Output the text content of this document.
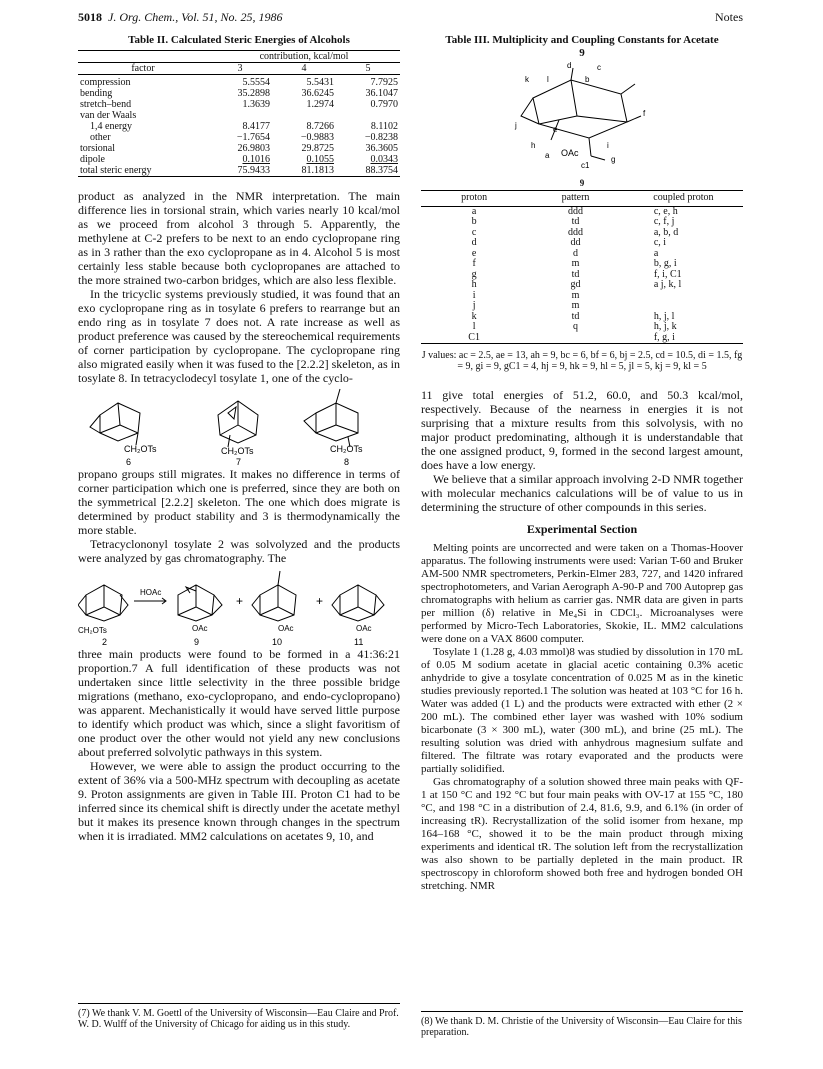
5018 J. Org. Chem., Vol. 51, No. 25, 1986	Notes
Table II. Calculated Steric Energies of Alcohols
	contribution, kcal/mol		
factor	3	4	5
compression	5.5554	5.5431	7.7925
bending	35.2898	36.6245	36.1047
stretch–bend	1.3639	1.2974	0.7970
van der Waals			
1,4 energy	8.4177	8.7266	8.1102
other	−1.7654	−0.9883	−0.8238
torsional	26.9803	29.8725	36.3605
dipole	0.1016	0.1055	0.0343
total steric energy	75.9433	81.1813	88.3754

product as analyzed in the NMR interpretation. The main difference lies in torsional strain, which varies nearly 10 kcal/mol as we proceed from alcohol 3 through 5. Apparently, the methylene at C-2 prefers to be next to an endo cyclopropane ring as in 3 rather than the exo cyclopropane as in 4. Alcohol 5 is most certainly less stable because both cyclopropanes are attached to the more strained two-carbon bridges, which are also less flexible.

In the tricyclic systems previously studied, it was found that an exo cyclopropane ring as in tosylate 6 prefers to rearrange but an endo ring as in tosylate 7 does not. A rate increase as well as product preference was caused by the stereochemical requirements of corner participation by cyclopropane. The cyclopropane ring also migrated easily when it was fused to the [2.2.2] skeleton, as in tosylate 8. In tetracyclodecyl tosylate 1, one of the cyclo-

CH₂OTs	CH₂OTs	CH₂OTs
6	7	8

propano groups still migrates. It makes no difference in terms of corner participation which one is preferred, since they are both on the symmetrical [2.2.2] skeleton. The one which does migrate is determined by product stability and 3 is thermodynamically the more stable.

Tetracyclononyl tosylate 2 was solvolyzed and the products were analyzed by gas chromatography. The

HOAc
CH₂OTs	OAc	OAc	OAc
+	+
2	9	10	11

three main products were found to be formed in a 41:36:21 proportion.7 A full identification of these products was not undertaken since little selectivity in the three possible bridge migrations (methano, exo-cyclopropano, and endo-cyclopropano) was apparent. Mechanistically it would have served little purpose to identify which product was which, since a slight favoritism of one product over the other would not yield any new conclusions about preferred solvolytic pathways in this system.

However, we were able to assign the product occurring to the extent of 36% via a 500-MHz spectrum with decoupling as acetate 9. Proton assignments are given in Table III. Proton C1 had to be inferred since its chemical shift is directly under the acetate methyl but it makes its presence known through changes in the spectrum when it is irradiated. MM2 calculations on acetates 9, 10, and

Table III. Multiplicity and Coupling Constants for Acetate
9
OAc
d	c
k l	b
f
j	e
h
a
i
g
c1
9
proton	pattern	coupled proton
a	ddd	c, e, h
b	td	c, f, j
c	ddd	a, b, d
d	dd	c, i
e	d	a
f	m	b, g, i
g	td	f, i, C1
h	gd	a j, k, l
i	m	
j	m	
k	td	h, j, l
l	q	h, j, k
C1		f, g, i
J values: ac = 2.5, ae = 13, ah = 9, bc = 6, bf = 6, bj = 2.5, cd = 10.5, di = 1.5, fg = 9, gi = 9, gC1 = 4, hj = 9, hk = 9, hl = 5, jl = 5, kj = 9, kl = 5

11 give total energies of 51.2, 60.0, and 50.3 kcal/mol, respectively. Because of the nearness in energies it is not surprising that a mixture results from this solvolysis, with no major product predominating, although it is understandable that the one assigned product, 9, formed in the second largest amount, does have a low energy.

We believe that a similar approach involving 2-D NMR together with molecular mechanics calculations will be of value to us in determining the structure of other compounds in this series.

Experimental Section

Melting points are uncorrected and were taken on a Thomas-Hoover apparatus. The following instruments were used: Varian T-60 and Bruker AM-500 NMR spectrometers, Perkin-Elmer 283, 727, and 1420 infrared spectrophotometers, and Varian Aerograph A-90-P and 700 Autoprep gas chromatographs with helium as carrier gas. NMR data are given in parts per million (δ) relative in Me₄Si in CDCl₃. Microanalyses were performed by Micro-Tech Laboratories, Skokie, IL. MM2 calculations were done on a VAX 8600 computer.

Tosylate 1 (1.28 g, 4.03 mmol)8 was studied by dissolution in 170 mL of 0.05 M sodium acetate in glacial acetic containing 0.3% acetic anhydride to give a tosylate concentration of 0.025 M as in the kinetic studies previously reported.1 The solution was heated at 103 °C for 16 h. Water was added (1 L) and the products were extracted with ether (2 × 200 mL). The combined ether layer was washed with 10% sodium bicarbonate (3 × 300 mL), water (300 mL), and brine (25 mL). The resulting solution was dried with anhydrous magnesium sulfate and filtered. The filtrate was rotary evaporated and the products were partially solidified.

Gas chromatography of a solution showed three main peaks with QF-1 at 150 °C and 192 °C but four main peaks with OV-17 at 155 °C, 180 °C, and 198 °C in a distribution of 2.4, 81.6, 9.9, and 6.1% (in order of increasing tR). Recrystallization of the solid isomer from hexane, mp 164–168 °C, showed it to be the main product through mixing experiments and identical tR. The solution left from the recrystallization was also shown to be partially depleted in the main product. IR spectroscopy in chloroform showed both free and hydrogen bonded OH stretching. NMR

(7) We thank V. M. Goettl of the University of Wisconsin—Eau Claire and Prof. W. D. Wulff of the University of Chicago for aiding us in this study.	(8) We thank D. M. Christie of the University of Wisconsin—Eau Claire for this preparation.
